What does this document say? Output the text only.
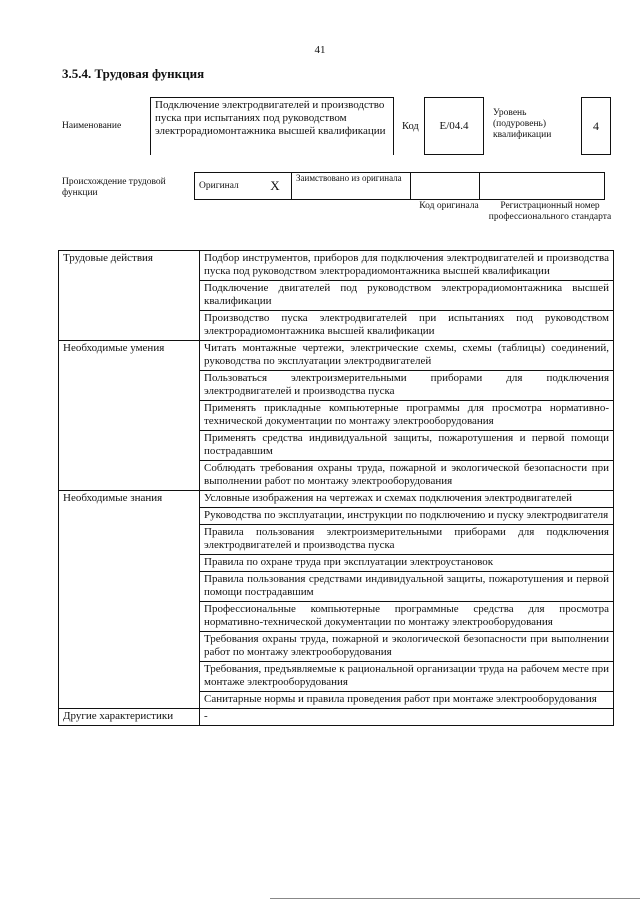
41
3.5.4. Трудовая функция
Наименование
Подключение электродвигателей и производство пуска при испытаниях под руководством электрорадиомонтажника высшей квалификации	Код	E/04.4
Уровень (подуровень) квалификации
4
Происхождение трудовой функции
Оригинал	X	Заимствовано из оригинала		
Код оригинала	Регистрационный номер профессионального стандарта
Трудовые действия	Подбор инструментов, приборов для подключения электродвигателей и производства пуска под руководством электрорадиомонтажника высшей квалификации
	Подключение двигателей под руководством электрорадиомонтажника высшей квалификации
	Производство пуска электродвигателей при испытаниях под руководством электрорадиомонтажника высшей квалификации
Необходимые умения	Читать монтажные чертежи, электрические схемы, схемы (таблицы) соединений, руководства по эксплуатации электродвигателей
	Пользоваться электроизмерительными приборами для подключения электродвигателей и производства пуска
	Применять прикладные компьютерные программы для просмотра нормативно-технической документации по монтажу электрооборудования
	Применять средства индивидуальной защиты, пожаротушения и первой помощи пострадавшим
	Соблюдать требования охраны труда, пожарной и экологической безопасности при выполнении работ по монтажу электрооборудования
Необходимые знания	Условные изображения на чертежах и схемах подключения электродвигателей
	Руководства по эксплуатации, инструкции по подключению и пуску электродвигателя
	Правила пользования электроизмерительными приборами для подключения электродвигателей и производства пуска
	Правила по охране труда при эксплуатации электроустановок
	Правила пользования средствами индивидуальной защиты, пожаротушения и первой помощи пострадавшим
	Профессиональные компьютерные программные средства для просмотра нормативно-технической документации по монтажу электрооборудования
	Требования охраны труда, пожарной и экологической безопасности при выполнении работ по монтажу электрооборудования
	Требования, предъявляемые к рациональной организации труда на рабочем месте при монтаже электрооборудования
	Санитарные нормы и правила проведения работ при монтаже электрооборудования
Другие характеристики	-
